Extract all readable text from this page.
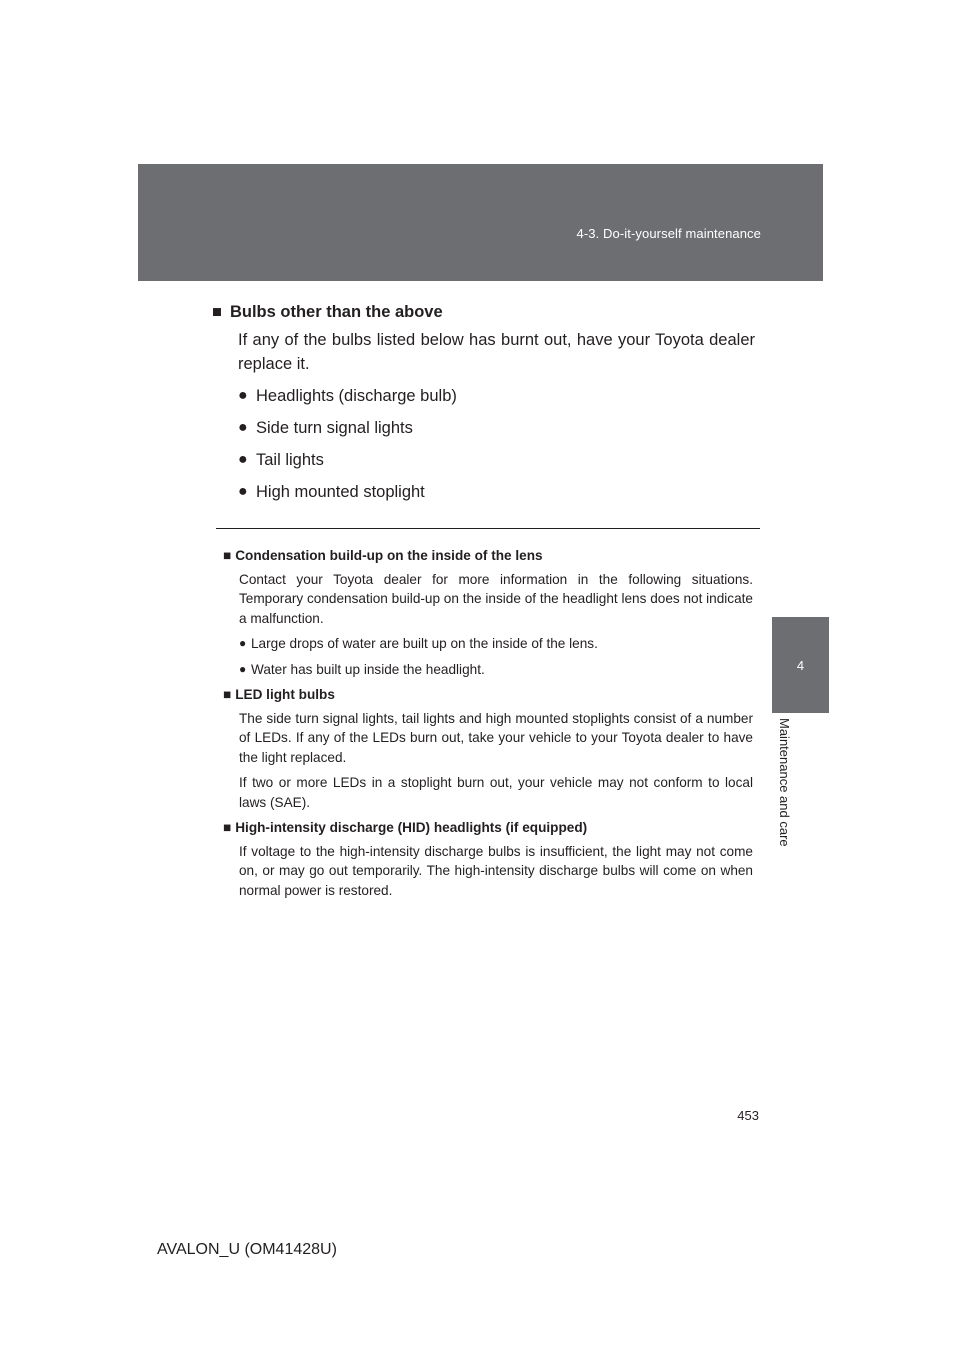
4-3. Do-it-yourself maintenance
4
Maintenance and care
■ Bulbs other than the above

If any of the bulbs listed below has burnt out, have your Toyota dealer replace it.

● Headlights (discharge bulb)
● Side turn signal lights
● Tail lights
● High mounted stoplight
■ Condensation build-up on the inside of the lens

Contact your Toyota dealer for more information in the following situations. Temporary condensation build-up on the inside of the headlight lens does not indicate a malfunction.

● Large drops of water are built up on the inside of the lens.
● Water has built up inside the headlight.
■ LED light bulbs

The side turn signal lights, tail lights and high mounted stoplights consist of a number of LEDs. If any of the LEDs burn out, take your vehicle to your Toyota dealer to have the light replaced.

If two or more LEDs in a stoplight burn out, your vehicle may not conform to local laws (SAE).

■ High-intensity discharge (HID) headlights (if equipped)

If voltage to the high-intensity discharge bulbs is insufficient, the light may not come on, or may go out temporarily. The high-intensity discharge bulbs will come on when normal power is restored.

453
AVALON_U (OM41428U)
